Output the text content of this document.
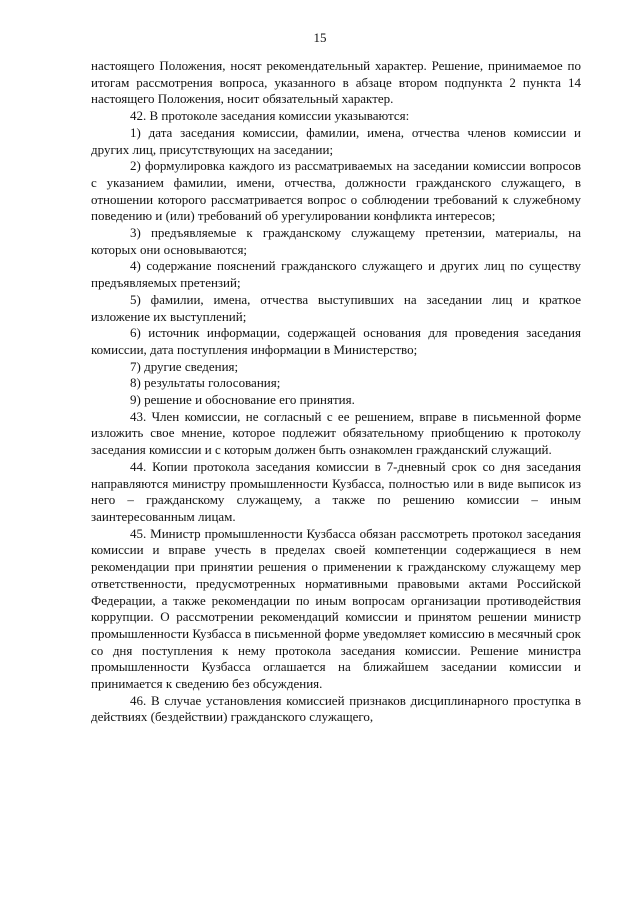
15

настоящего Положения, носят рекомендательный характер. Решение, принимаемое по итогам рассмотрения вопроса, указанного в абзаце втором подпункта 2 пункта 14 настоящего Положения, носит обязательный характер.

42. В протоколе заседания комиссии указываются:

1) дата заседания комиссии, фамилии, имена, отчества членов комиссии и других лиц, присутствующих на заседании;

2) формулировка каждого из рассматриваемых на заседании комиссии вопросов с указанием фамилии, имени, отчества, должности гражданского служащего, в отношении которого рассматривается вопрос о соблюдении требований к служебному поведению и (или) требований об урегулировании конфликта интересов;

3) предъявляемые к гражданскому служащему претензии, материалы, на которых они основываются;

4) содержание пояснений гражданского служащего и других лиц по существу предъявляемых претензий;

5) фамилии, имена, отчества выступивших на заседании лиц и краткое изложение их выступлений;

6) источник информации, содержащей основания для проведения заседания комиссии, дата поступления информации в Министерство;

7) другие сведения;

8) результаты голосования;

9) решение и обоснование его принятия.

43. Член комиссии, не согласный с ее решением, вправе в письменной форме изложить свое мнение, которое подлежит обязательному приобщению к протоколу заседания комиссии и с которым должен быть ознакомлен гражданский служащий.

44. Копии протокола заседания комиссии в 7-дневный срок со дня заседания направляются министру промышленности Кузбасса, полностью или в виде выписок из него – гражданскому служащему, а также по решению комиссии – иным заинтересованным лицам.

45. Министр промышленности Кузбасса обязан рассмотреть протокол заседания комиссии и вправе учесть в пределах своей компетенции содержащиеся в нем рекомендации при принятии решения о применении к гражданскому служащему мер ответственности, предусмотренных нормативными правовыми актами Российской Федерации, а также рекомендации по иным вопросам организации противодействия коррупции. О рассмотрении рекомендаций комиссии и принятом решении министр промышленности Кузбасса в письменной форме уведомляет комиссию в месячный срок со дня поступления к нему протокола заседания комиссии. Решение министра промышленности Кузбасса оглашается на ближайшем заседании комиссии и принимается к сведению без обсуждения.

46. В случае установления комиссией признаков дисциплинарного проступка в действиях (бездействии) гражданского служащего,
